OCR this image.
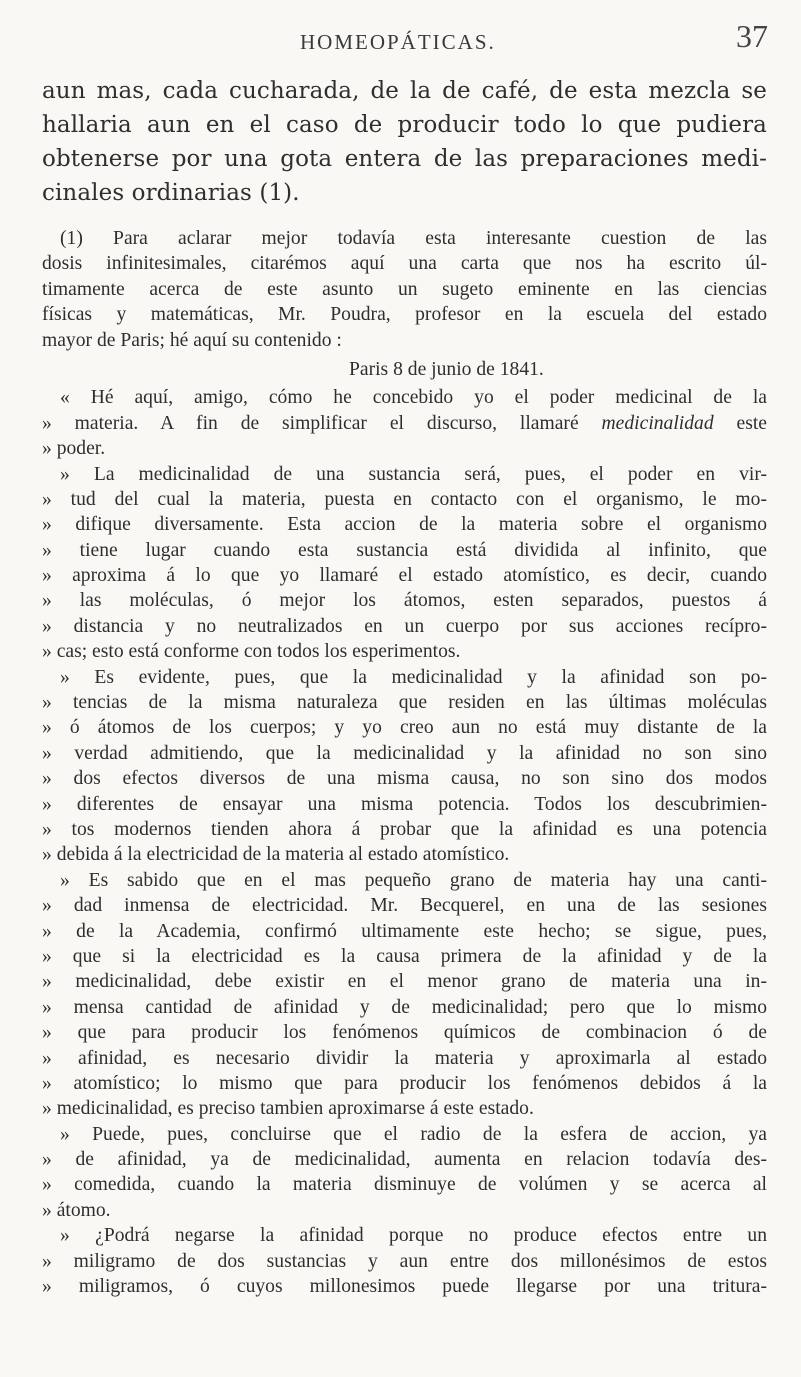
HOMEOPÁTICAS.	37
aun mas, cada cucharada, de la de café, de esta mezcla se
hallaria aun en el caso de producir todo lo que pudiera
obtenerse por una gota entera de las preparaciones medi-
cinales ordinarias (1).
(1) Para aclarar mejor todavía esta interesante cuestion de las
dosis infinitesimales, citarémos aquí una carta que nos ha escrito úl-
timamente acerca de este asunto un sugeto eminente en las ciencias
físicas y matemáticas, Mr. Poudra, profesor en la escuela del estado
mayor de Paris; hé aquí su contenido :
Paris 8 de junio de 1841.
« Hé aquí, amigo, cómo he concebido yo el poder medicinal de la
» materia. A fin de simplificar el discurso, llamaré medicinalidad este
» poder.
» La medicinalidad de una sustancia será, pues, el poder en vir-
» tud del cual la materia, puesta en contacto con el organismo, le mo-
» difique diversamente. Esta accion de la materia sobre el organismo
» tiene lugar cuando esta sustancia está dividida al infinito, que
» aproxima á lo que yo llamaré el estado atomístico, es decir, cuando
» las moléculas, ó mejor los átomos, esten separados, puestos á
» distancia y no neutralizados en un cuerpo por sus acciones recípro-
» cas; esto está conforme con todos los esperimentos.
» Es evidente, pues, que la medicinalidad y la afinidad son po-
» tencias de la misma naturaleza que residen en las últimas moléculas
» ó átomos de los cuerpos; y yo creo aun no está muy distante de la
» verdad admitiendo, que la medicinalidad y la afinidad no son sino
» dos efectos diversos de una misma causa, no son sino dos modos
» diferentes de ensayar una misma potencia. Todos los descubrimien-
» tos modernos tienden ahora á probar que la afinidad es una potencia
» debida á la electricidad de la materia al estado atomístico.
» Es sabido que en el mas pequeño grano de materia hay una canti-
» dad inmensa de electricidad. Mr. Becquerel, en una de las sesiones
» de la Academia, confirmó ultimamente este hecho; se sigue, pues,
» que si la electricidad es la causa primera de la afinidad y de la
» medicinalidad, debe existir en el menor grano de materia una in-
» mensa cantidad de afinidad y de medicinalidad; pero que lo mismo
» que para producir los fenómenos químicos de combinacion ó de
» afinidad, es necesario dividir la materia y aproximarla al estado
» atomístico; lo mismo que para producir los fenómenos debidos á la
» medicinalidad, es preciso tambien aproximarse á este estado.
» Puede, pues, concluirse que el radio de la esfera de accion, ya
» de afinidad, ya de medicinalidad, aumenta en relacion todavía des-
» comedida, cuando la materia disminuye de volúmen y se acerca al
» átomo.
» ¿Podrá negarse la afinidad porque no produce efectos entre un
» miligramo de dos sustancias y aun entre dos millonésimos de estos
» miligramos, ó cuyos millonesimos puede llegarse por una tritura-
